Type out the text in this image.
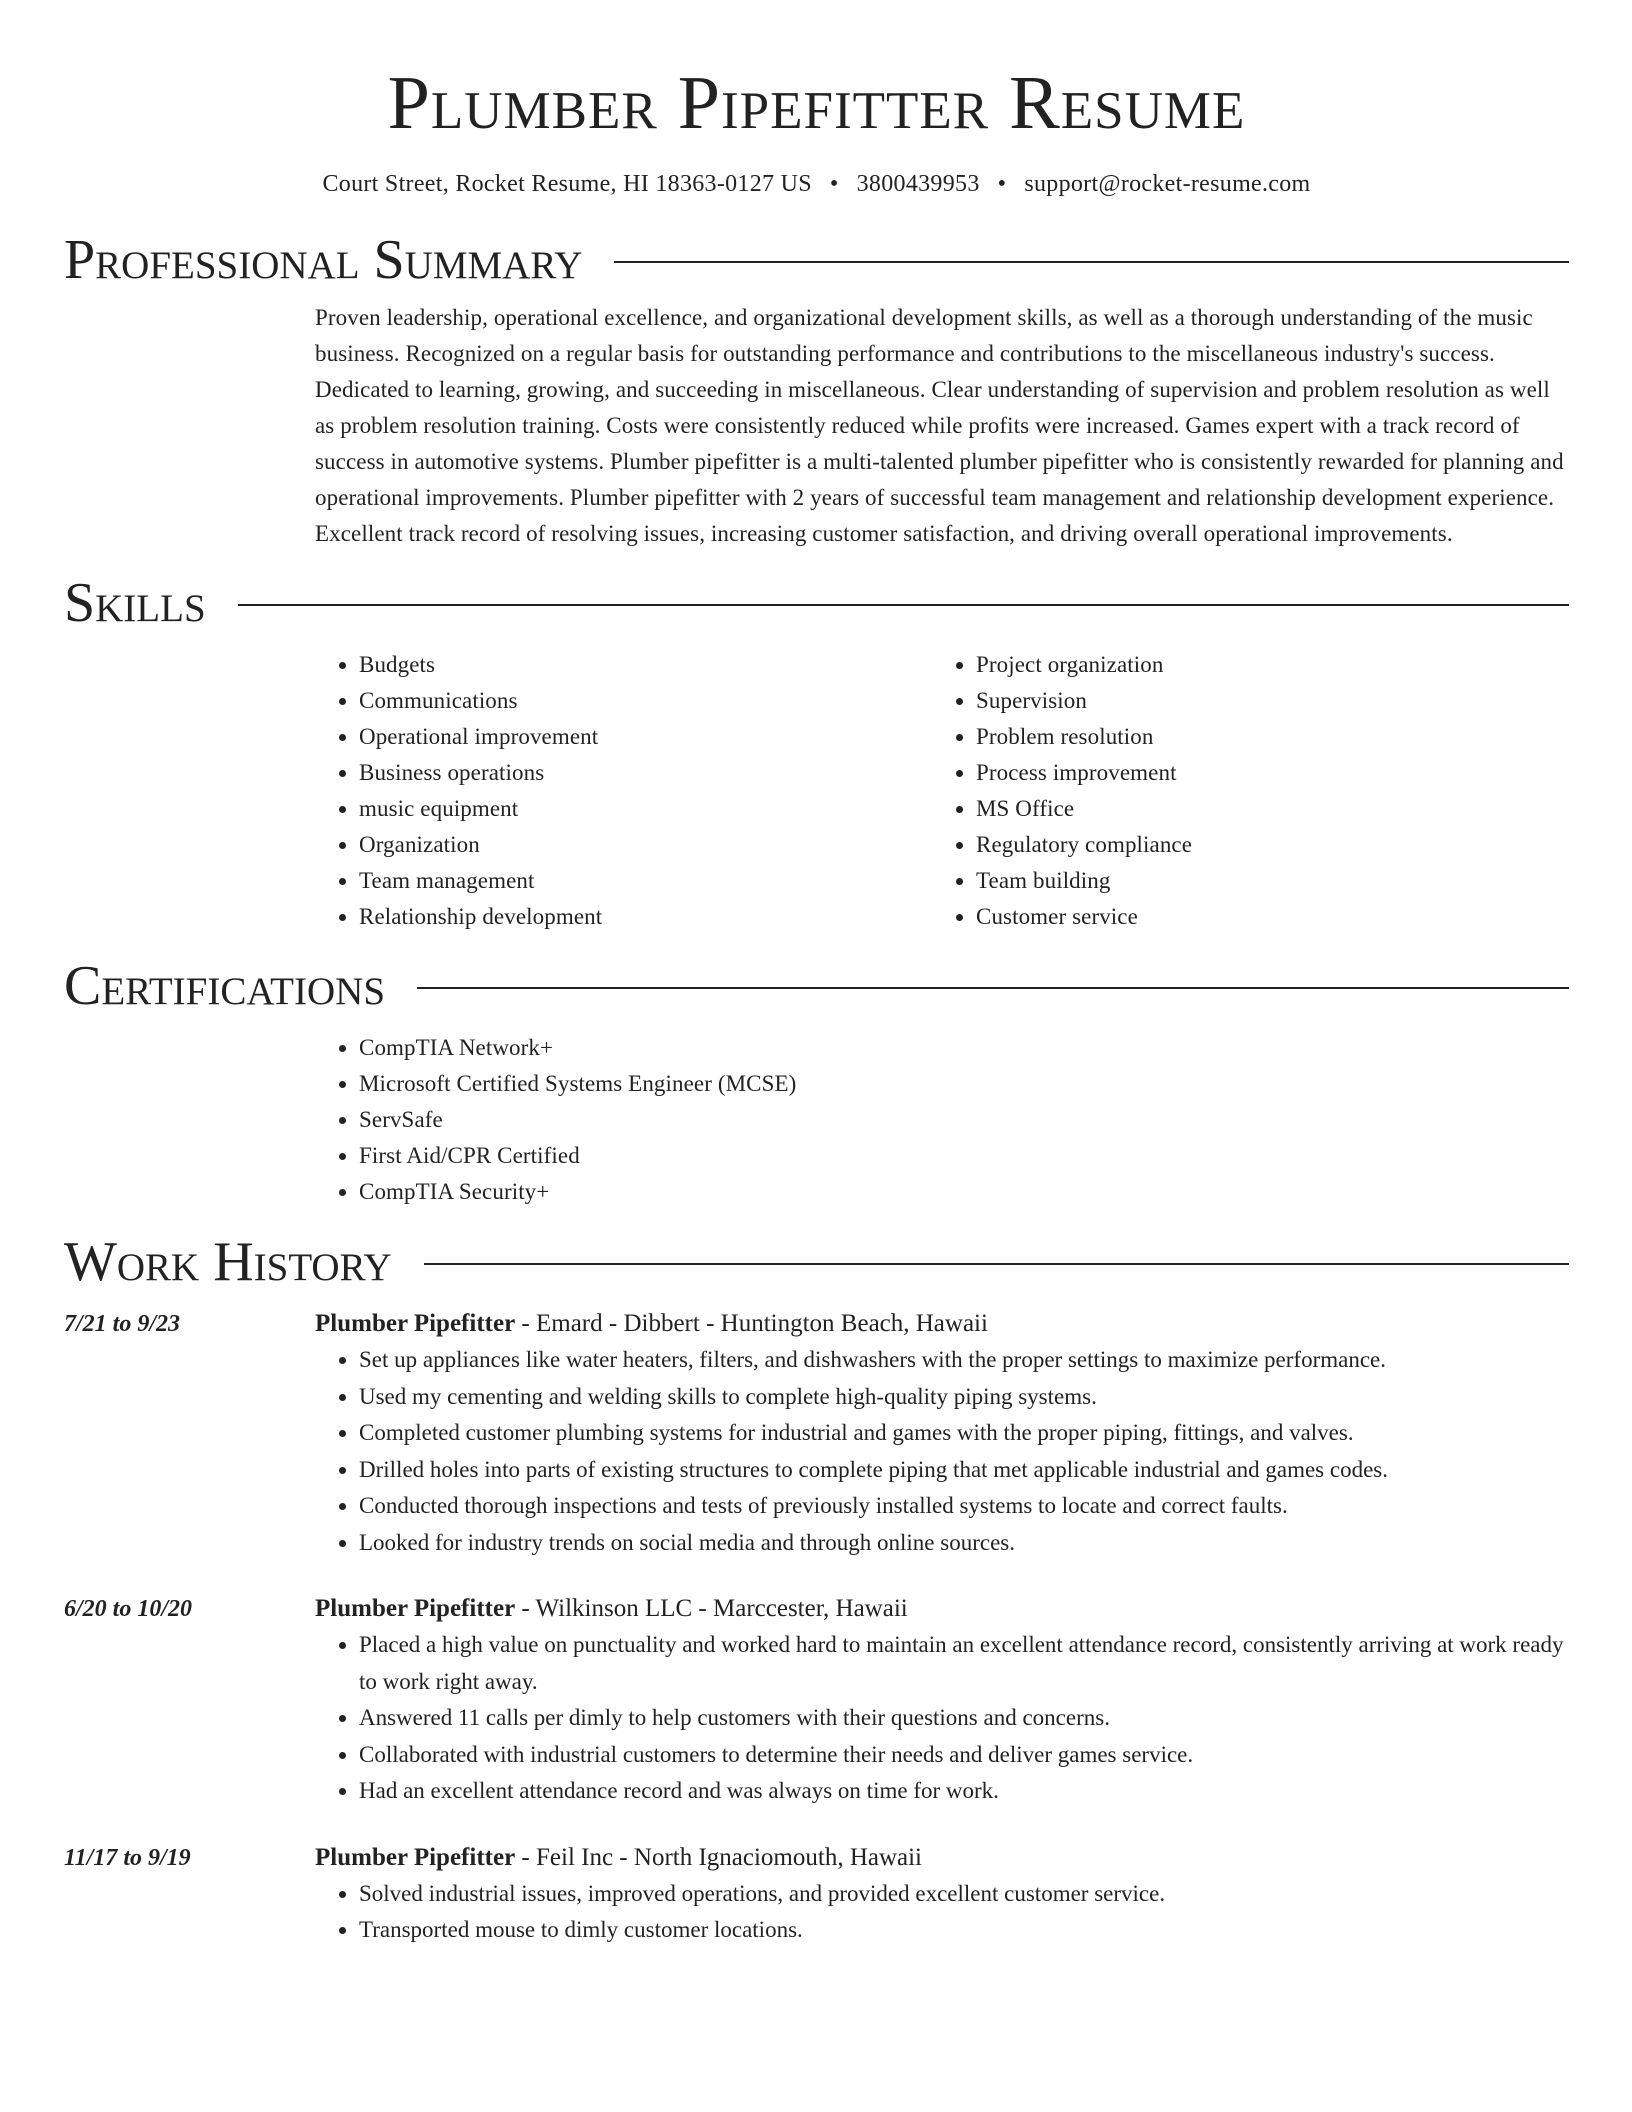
Plumber Pipefitter Resume
Court Street, Rocket Resume, HI 18363-0127 US • 3800439953 • support@rocket-resume.com
Professional Summary
Proven leadership, operational excellence, and organizational development skills, as well as a thorough understanding of the music business. Recognized on a regular basis for outstanding performance and contributions to the miscellaneous industry's success. Dedicated to learning, growing, and succeeding in miscellaneous. Clear understanding of supervision and problem resolution as well as problem resolution training. Costs were consistently reduced while profits were increased. Games expert with a track record of success in automotive systems. Plumber pipefitter is a multi-talented plumber pipefitter who is consistently rewarded for planning and operational improvements. Plumber pipefitter with 2 years of successful team management and relationship development experience. Excellent track record of resolving issues, increasing customer satisfaction, and driving overall operational improvements.
Skills
• Budgets
• Communications
• Operational improvement
• Business operations
• music equipment
• Organization
• Team management
• Relationship development
• Project organization
• Supervision
• Problem resolution
• Process improvement
• MS Office
• Regulatory compliance
• Team building
• Customer service
Certifications
• CompTIA Network+
• Microsoft Certified Systems Engineer (MCSE)
• ServSafe
• First Aid/CPR Certified
• CompTIA Security+
Work History
7/21 to 9/23	Plumber Pipefitter - Emard - Dibbert - Huntington Beach, Hawaii
• Set up appliances like water heaters, filters, and dishwashers with the proper settings to maximize performance.
• Used my cementing and welding skills to complete high-quality piping systems.
• Completed customer plumbing systems for industrial and games with the proper piping, fittings, and valves.
• Drilled holes into parts of existing structures to complete piping that met applicable industrial and games codes.
• Conducted thorough inspections and tests of previously installed systems to locate and correct faults.
• Looked for industry trends on social media and through online sources.
6/20 to 10/20	Plumber Pipefitter - Wilkinson LLC - Marccester, Hawaii
• Placed a high value on punctuality and worked hard to maintain an excellent attendance record, consistently arriving at work ready to work right away.
• Answered 11 calls per dimly to help customers with their questions and concerns.
• Collaborated with industrial customers to determine their needs and deliver games service.
• Had an excellent attendance record and was always on time for work.
11/17 to 9/19	Plumber Pipefitter - Feil Inc - North Ignaciomouth, Hawaii
• Solved industrial issues, improved operations, and provided excellent customer service.
• Transported mouse to dimly customer locations.
